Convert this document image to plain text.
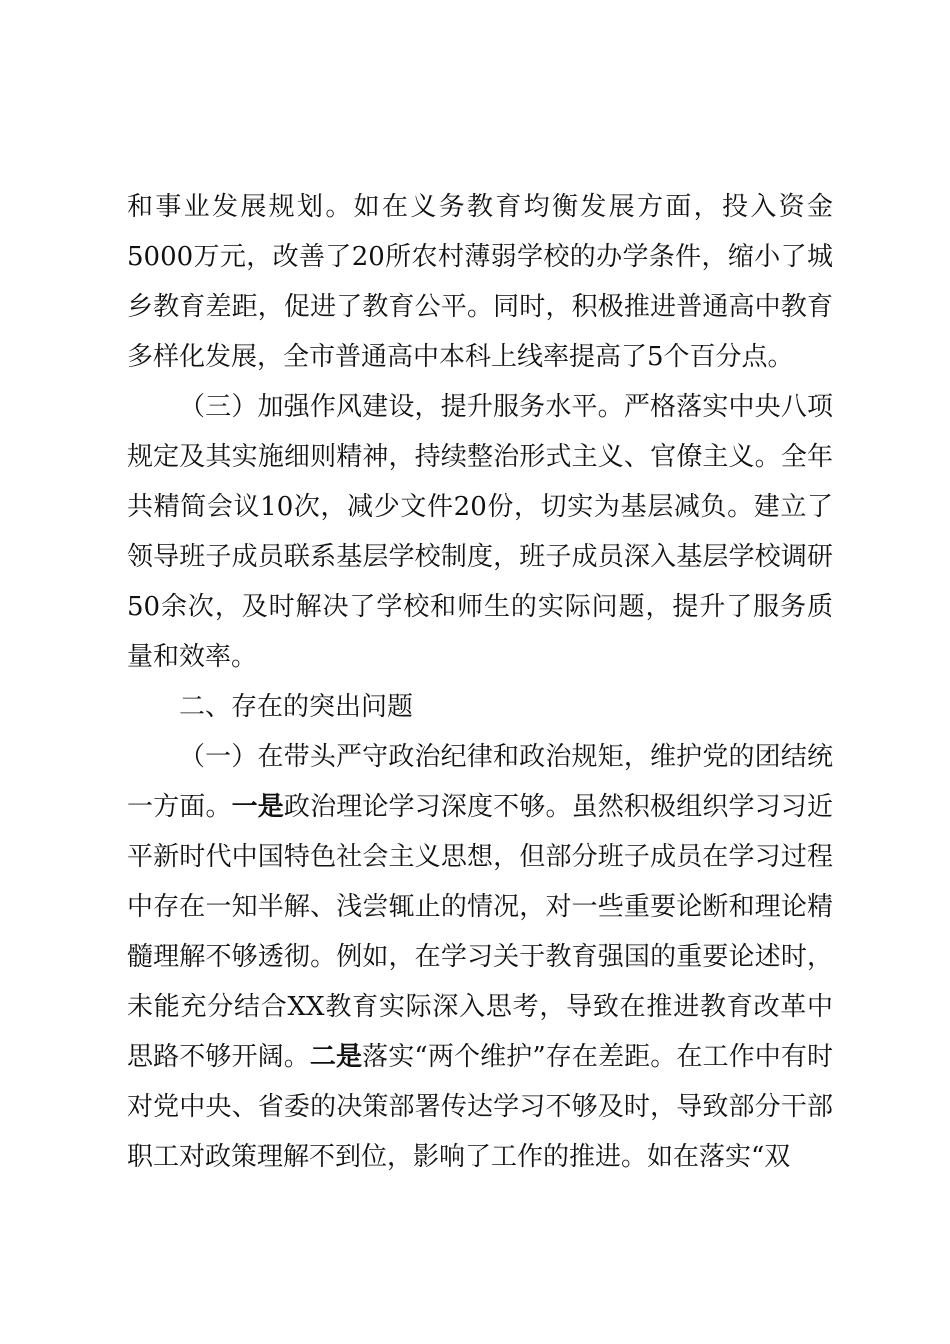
和事业发展规划。如在义务教育均衡发展方面，投入资金5000万元，改善了20所农村薄弱学校的办学条件，缩小了城乡教育差距，促进了教育公平。同时，积极推进普通高中教育多样化发展，全市普通高中本科上线率提高了5个百分点。

（三）加强作风建设，提升服务水平。严格落实中央八项规定及其实施细则精神，持续整治形式主义、官僚主义。全年共精简会议10次，减少文件20份，切实为基层减负。建立了领导班子成员联系基层学校制度，班子成员深入基层学校调研50余次，及时解决了学校和师生的实际问题，提升了服务质量和效率。

二、存在的突出问题

（一）在带头严守政治纪律和政治规矩，维护党的团结统一方面。一是政治理论学习深度不够。虽然积极组织学习习近平新时代中国特色社会主义思想，但部分班子成员在学习过程中存在一知半解、浅尝辄止的情况，对一些重要论断和理论精髓理解不够透彻。例如，在学习关于教育强国的重要论述时，未能充分结合XX教育实际深入思考，导致在推进教育改革中思路不够开阔。二是落实“两个维护”存在差距。在工作中有时对党中央、省委的决策部署传达学习不够及时，导致部分干部职工对政策理解不到位，影响了工作的推进。如在落实“双
